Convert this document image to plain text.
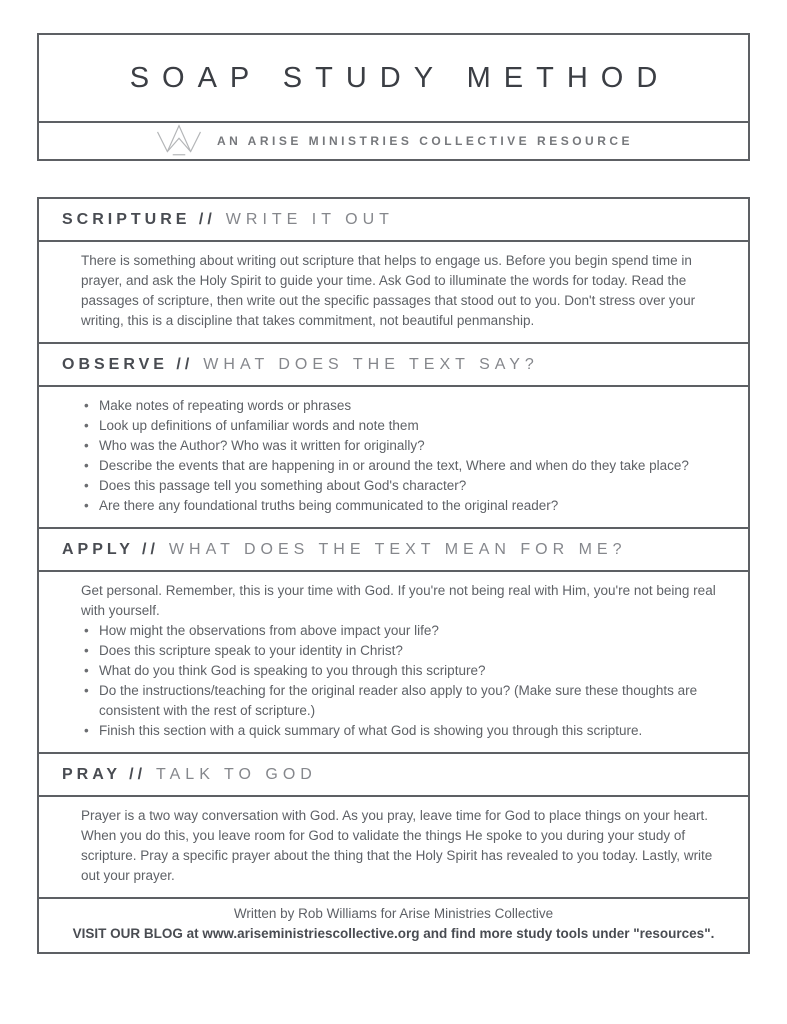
SOAP STUDY METHOD
AN ARISE MINISTRIES COLLECTIVE RESOURCE
SCRIPTURE // WRITE IT OUT

There is something about writing out scripture that helps to engage us. Before you begin spend time in prayer, and ask the Holy Spirit to guide your time. Ask God to illuminate the words for today. Read the passages of scripture, then write out the specific passages that stood out to you. Don't stress over your writing, this is a discipline that takes commitment, not beautiful penmanship.

OBSERVE // WHAT DOES THE TEXT SAY?
• Make notes of repeating words or phrases
• Look up definitions of unfamiliar words and note them
• Who was the Author? Who was it written for originally?
• Describe the events that are happening in or around the text, Where and when do they take place?
• Does this passage tell you something about God's character?
• Are there any foundational truths being communicated to the original reader?
APPLY // WHAT DOES THE TEXT MEAN FOR ME?

Get personal. Remember, this is your time with God. If you're not being real with Him, you're not being real with yourself.

• How might the observations from above impact your life?
• Does this scripture speak to your identity in Christ?
• What do you think God is speaking to you through this scripture?
• Do the instructions/teaching for the original reader also apply to you? (Make sure these thoughts are consistent with the rest of scripture.)
• Finish this section with a quick summary of what God is showing you through this scripture.
PRAY // TALK TO GOD

Prayer is a two way conversation with God. As you pray, leave time for God to place things on your heart. When you do this, you leave room for God to validate the things He spoke to you during your study of scripture. Pray a specific prayer about the thing that the Holy Spirit has revealed to you today. Lastly, write out your prayer.

Written by Rob Williams for Arise Ministries Collective

VISIT OUR BLOG at www.ariseministriescollective.org and find more study tools under "resources".
